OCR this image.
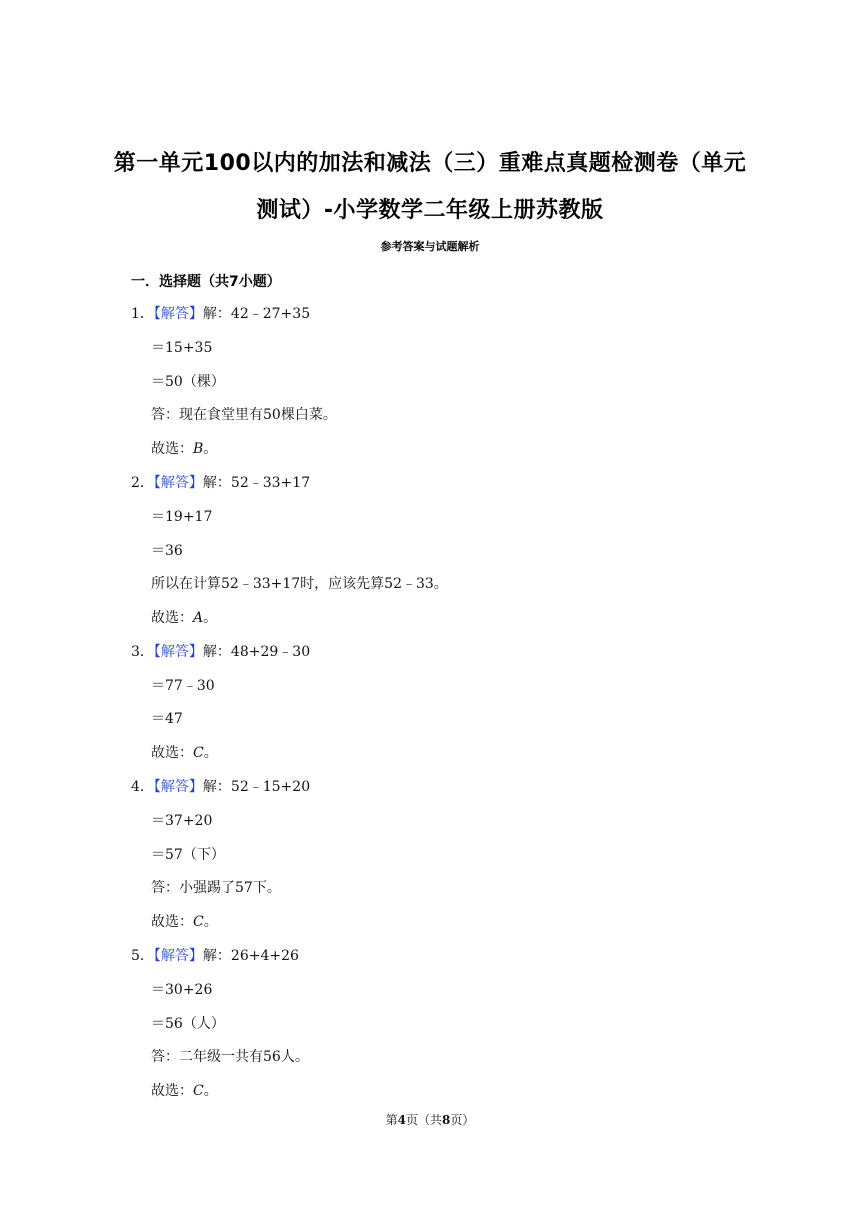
第一单元100以内的加法和减法（三）重难点真题检测卷（单元
测试）-小学数学二年级上册苏教版
参考答案与试题解析
一．选择题（共7小题）
1．【解答】解：42﹣27+35
＝15+35
＝50（棵）
答：现在食堂里有50棵白菜。
故选：B。
2．【解答】解：52﹣33+17
＝19+17
＝36
所以在计算52﹣33+17时，应该先算52﹣33。
故选：A。
3．【解答】解：48+29﹣30
＝77﹣30
＝47
故选：C。
4．【解答】解：52﹣15+20
＝37+20
＝57（下）
答：小强踢了57下。
故选：C。
5．【解答】解：26+4+26
＝30+26
＝56（人）
答：二年级一共有56人。
故选：C。
第4页（共8页）
